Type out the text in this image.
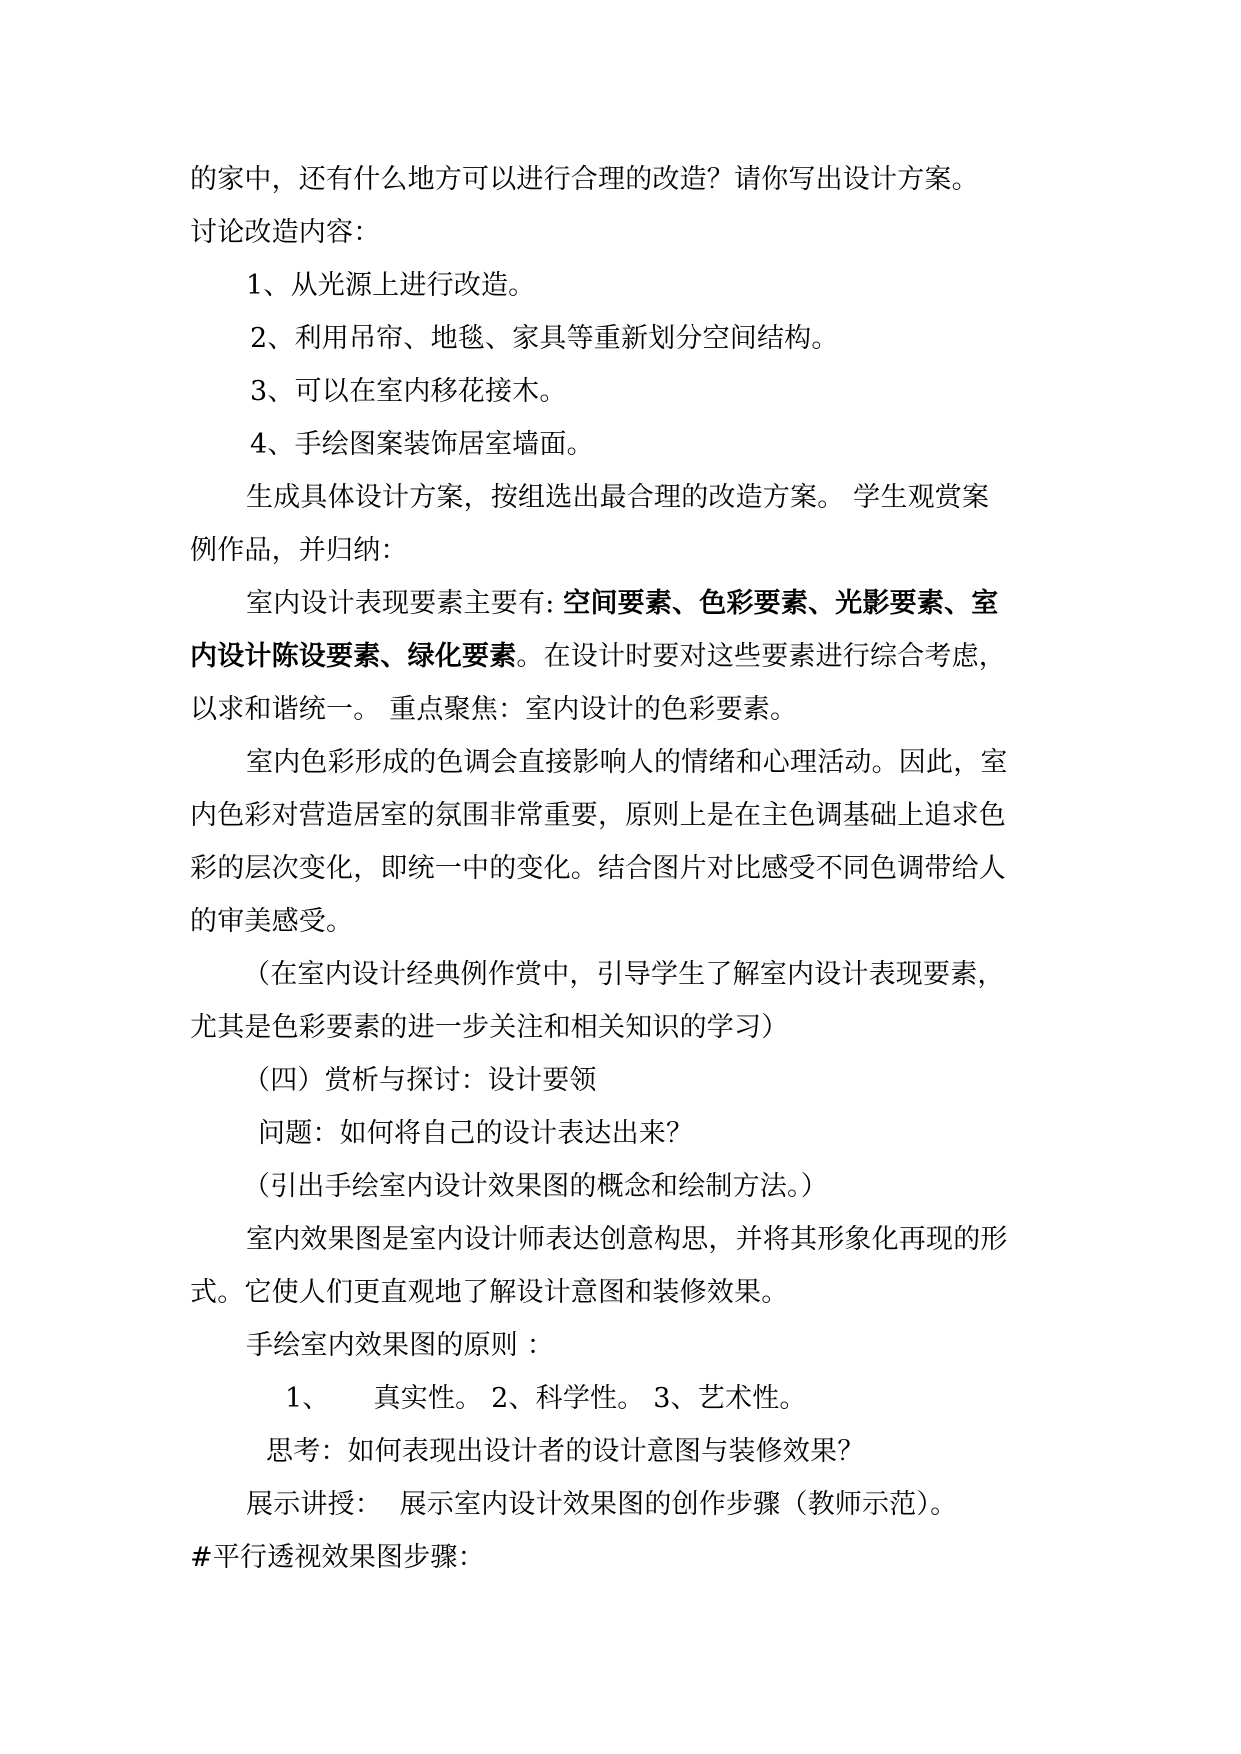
的家中，还有什么地方可以进行合理的改造？请你写出设计方案。
讨论改造内容：
1、从光源上进行改造。
2、利用吊帘、地毯、家具等重新划分空间结构。
3、可以在室内移花接木。
4、手绘图案装饰居室墙面。
生成具体设计方案，按组选出最合理的改造方案。 学生观赏案
例作品，并归纳：
室内设计表现要素主要有: 空间要素、色彩要素、光影要素、室
内设计陈设要素、绿化要素。在设计时要对这些要素进行综合考虑，
以求和谐统一。 重点聚焦：室内设计的色彩要素。
室内色彩形成的色调会直接影响人的情绪和心理活动。因此，室
内色彩对营造居室的氛围非常重要，原则上是在主色调基础上追求色
彩的层次变化，即统一中的变化。结合图片对比感受不同色调带给人
的审美感受。
（在室内设计经典例作赏中，引导学生了解室内设计表现要素，
尤其是色彩要素的进一步关注和相关知识的学习）
（四）赏析与探讨：设计要领
问题：如何将自己的设计表达出来？
（引出手绘室内设计效果图的概念和绘制方法。）
室内效果图是室内设计师表达创意构思，并将其形象化再现的形
式。它使人们更直观地了解设计意图和装修效果。
手绘室内效果图的原则 ：
1、     真实性。 2、科学性。 3、艺术性。
思考：如何表现出设计者的设计意图与装修效果？
展示讲授：  展示室内设计效果图的创作步骤（教师示范）。
#平行透视效果图步骤：
